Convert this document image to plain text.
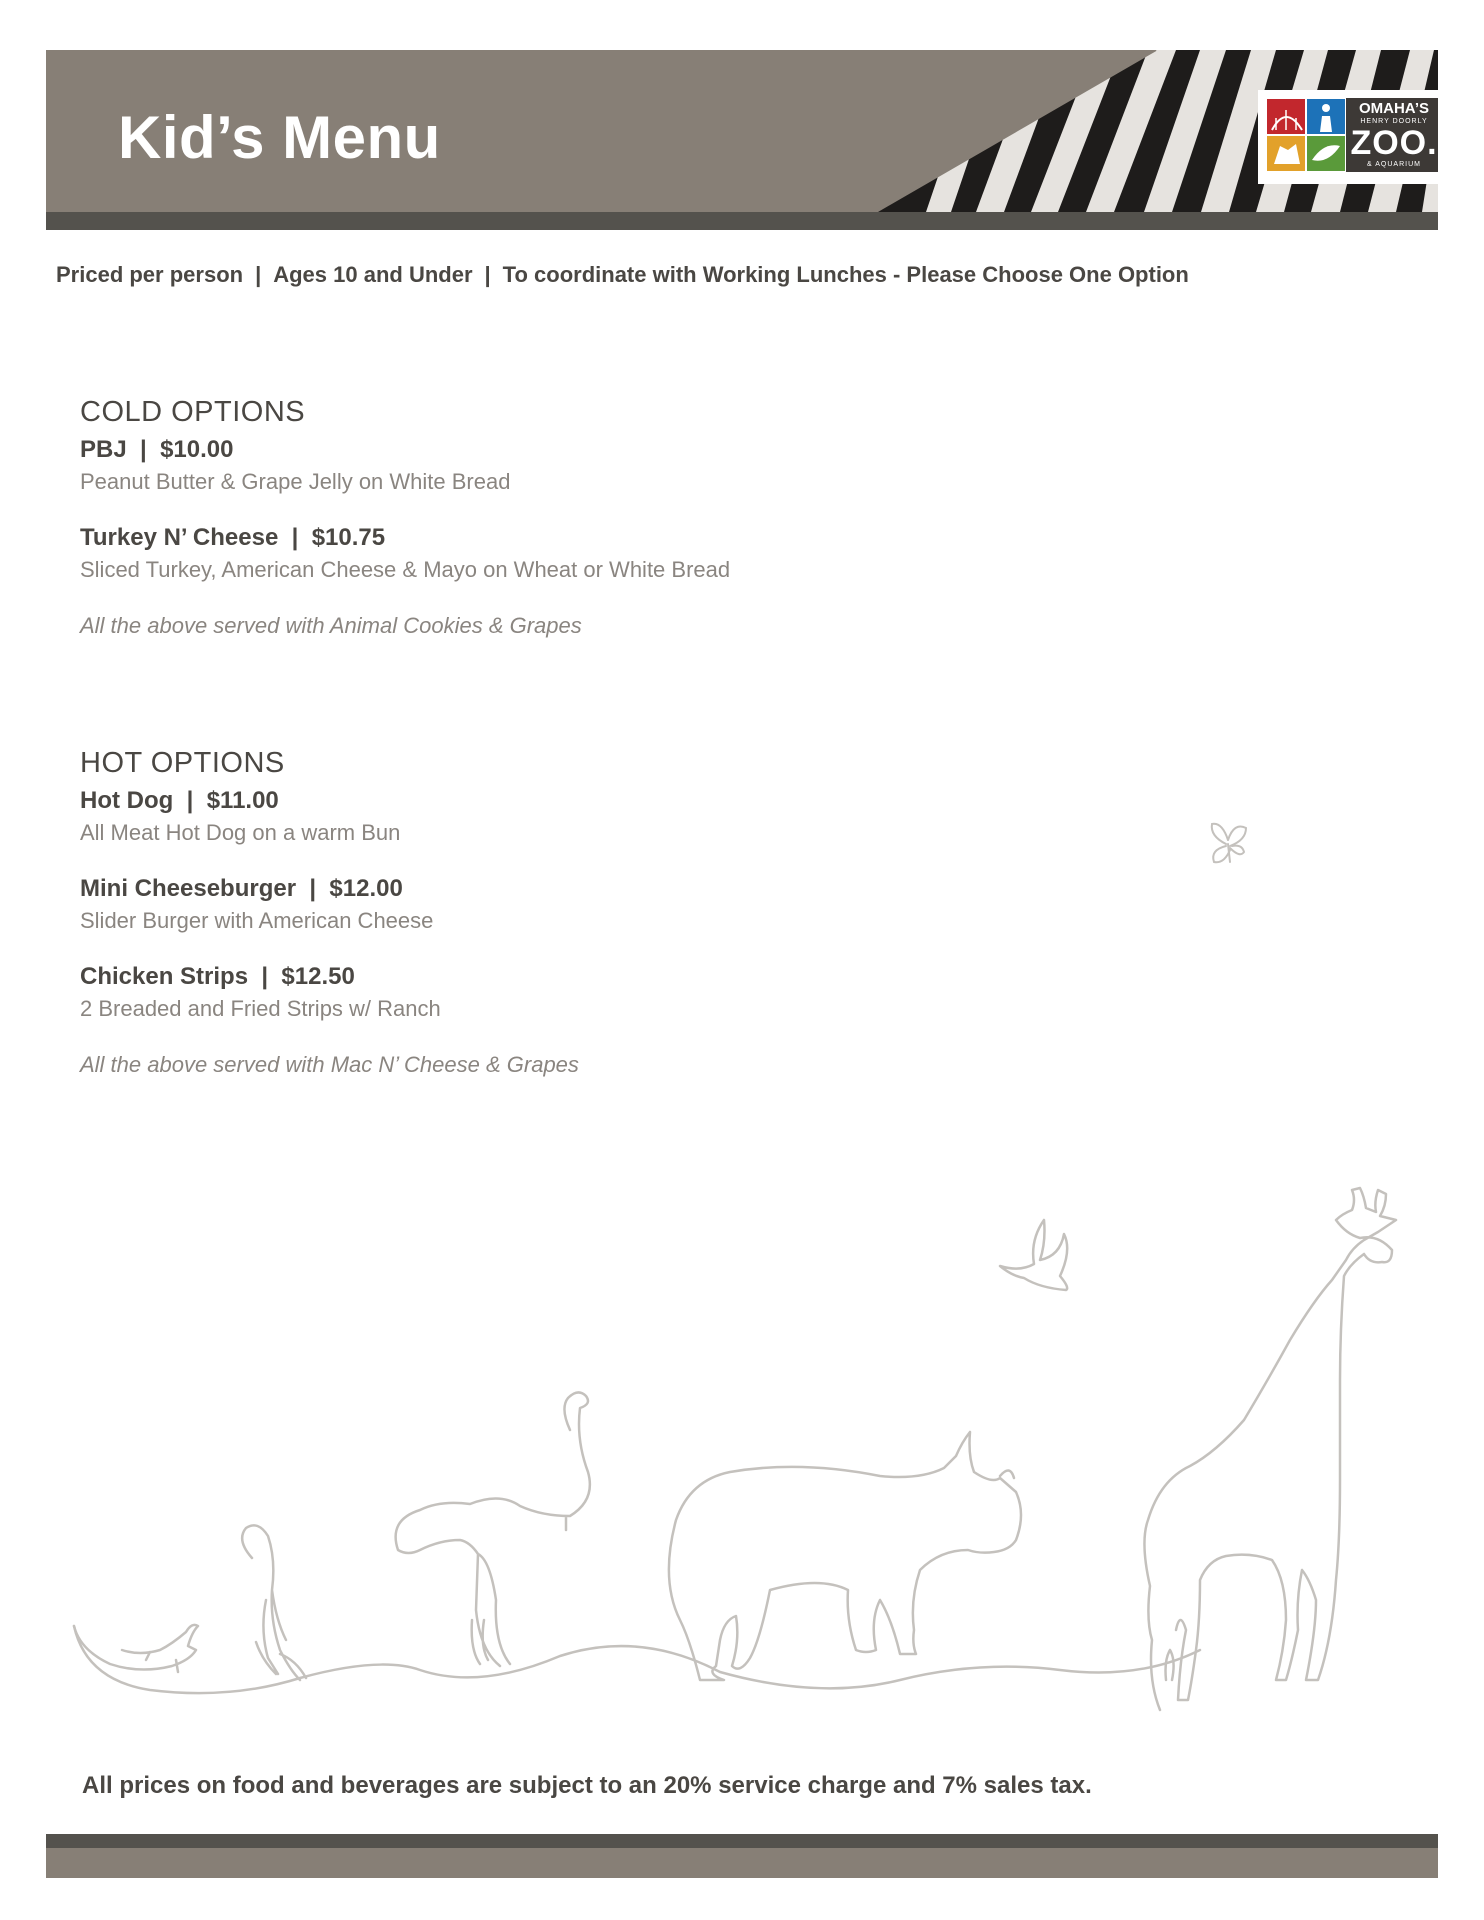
Kid’s Menu	OMAHA’S
HENRY DOORLY
ZOO.
& AQUARIUM
Priced per person | Ages 10 and Under | To coordinate with Working Lunches - Please Choose One Option
COLD OPTIONS
PBJ  |  $10.00
Peanut Butter & Grape Jelly on White Bread
Turkey N’ Cheese  |  $10.75
Sliced Turkey, American Cheese & Mayo on Wheat or White Bread
All the above served with Animal Cookies & Grapes
HOT OPTIONS
Hot Dog  |  $11.00
All Meat Hot Dog on a warm Bun
Mini Cheeseburger  |  $12.00
Slider Burger with American Cheese
Chicken Strips  |  $12.50
2 Breaded and Fried Strips w/ Ranch
All the above served with Mac N’ Cheese & Grapes
All prices on food and beverages are subject to an 20% service charge and 7% sales tax.
